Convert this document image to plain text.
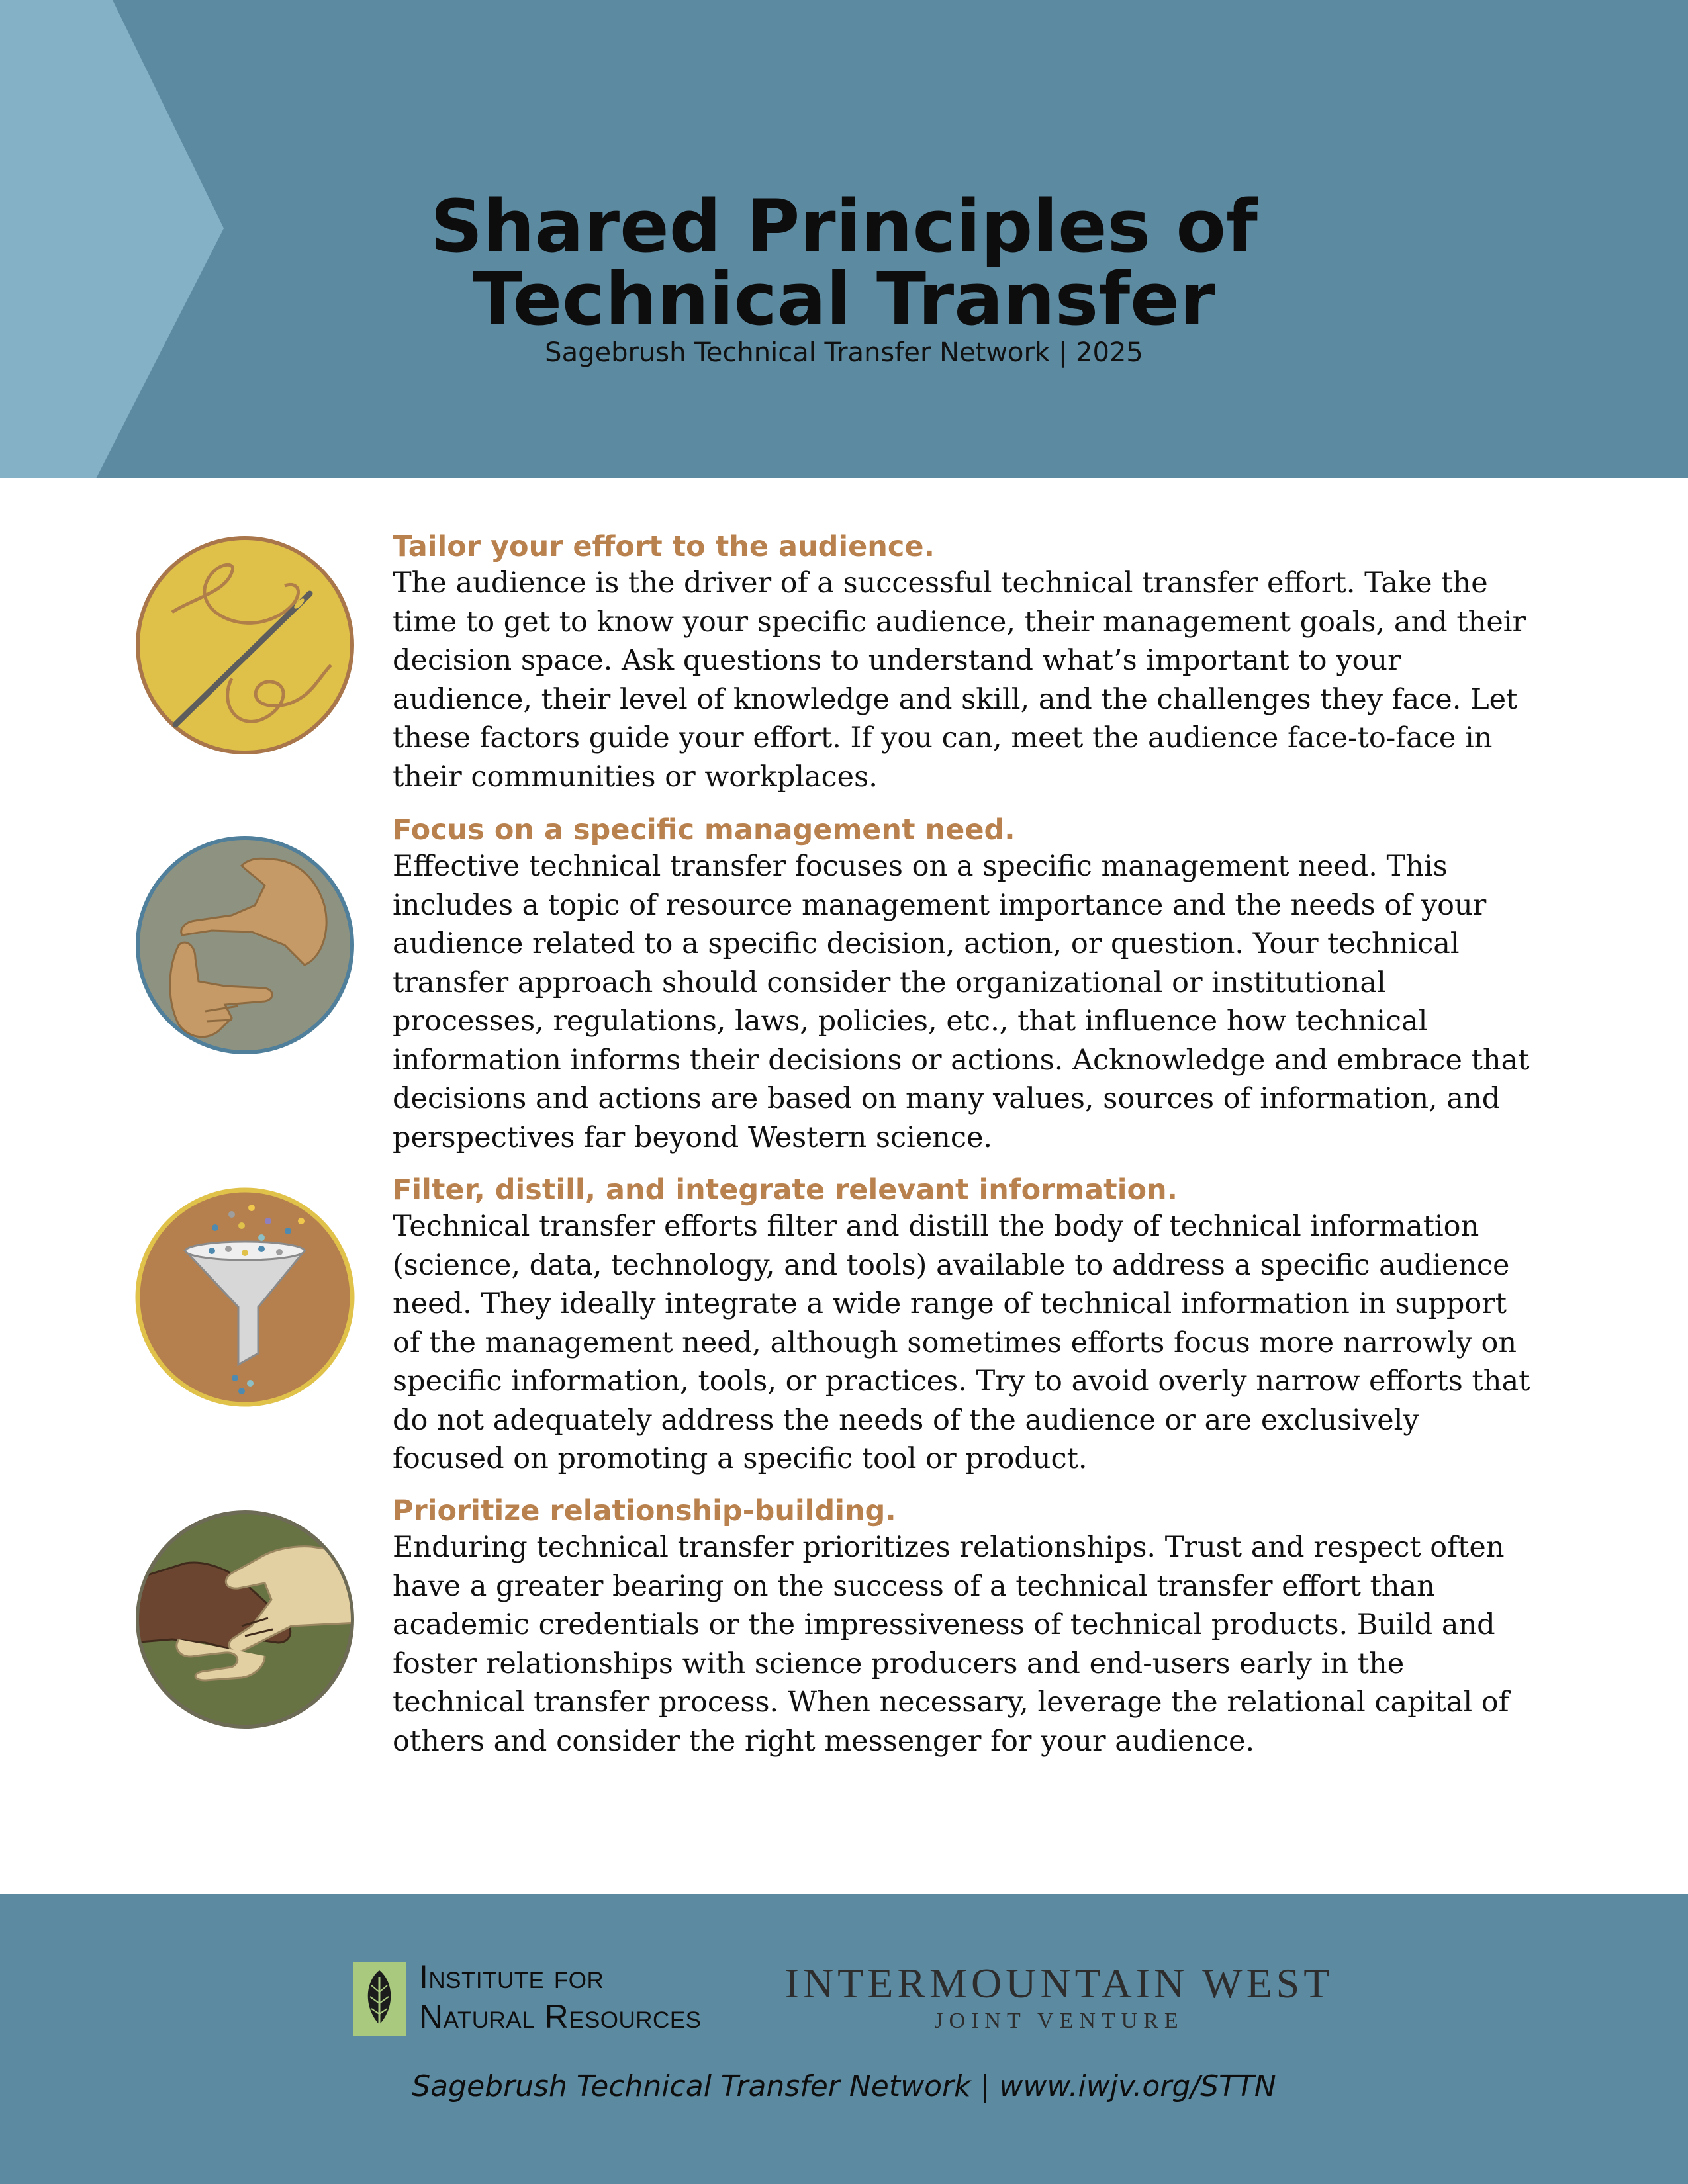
Shared Principles of
Technical Transfer
Sagebrush Technical Transfer Network | 2025

Tailor your effort to the audience.

The audience is the driver of a successful technical transfer effort. Take the time to get to know your specific audience, their management goals, and their decision space. Ask questions to understand what’s important to your audience, their level of knowledge and skill, and the challenges they face. Let these factors guide your effort. If you can, meet the audience face-to-face in their communities or workplaces.

Focus on a specific management need.

Effective technical transfer focuses on a specific management need. This includes a topic of resource management importance and the needs of your audience related to a specific decision, action, or question. Your technical transfer approach should consider the organizational or institutional processes, regulations, laws, policies, etc., that influence how technical information informs their decisions or actions. Acknowledge and embrace that decisions and actions are based on many values, sources of information, and perspectives far beyond Western science.

Filter, distill, and integrate relevant information.

Technical transfer efforts filter and distill the body of technical information (science, data, technology, and tools) available to address a specific audience need. They ideally integrate a wide range of technical information in support of the management need, although sometimes efforts focus more narrowly on specific information, tools, or practices. Try to avoid overly narrow efforts that do not adequately address the needs of the audience or are exclusively focused on promoting a specific tool or product.

Prioritize relationship-building.

Enduring technical transfer prioritizes relationships. Trust and respect often have a greater bearing on the success of a technical transfer effort than academic credentials or the impressiveness of technical products. Build and foster relationships with science producers and end-users early in the technical transfer process. When necessary, leverage the relational capital of others and consider the right messenger for your audience.

Institute for
Natural Resources
INTERMOUNTAIN WEST
JOINT VENTURE
Sagebrush Technical Transfer Network | www.iwjv.org/STTN
